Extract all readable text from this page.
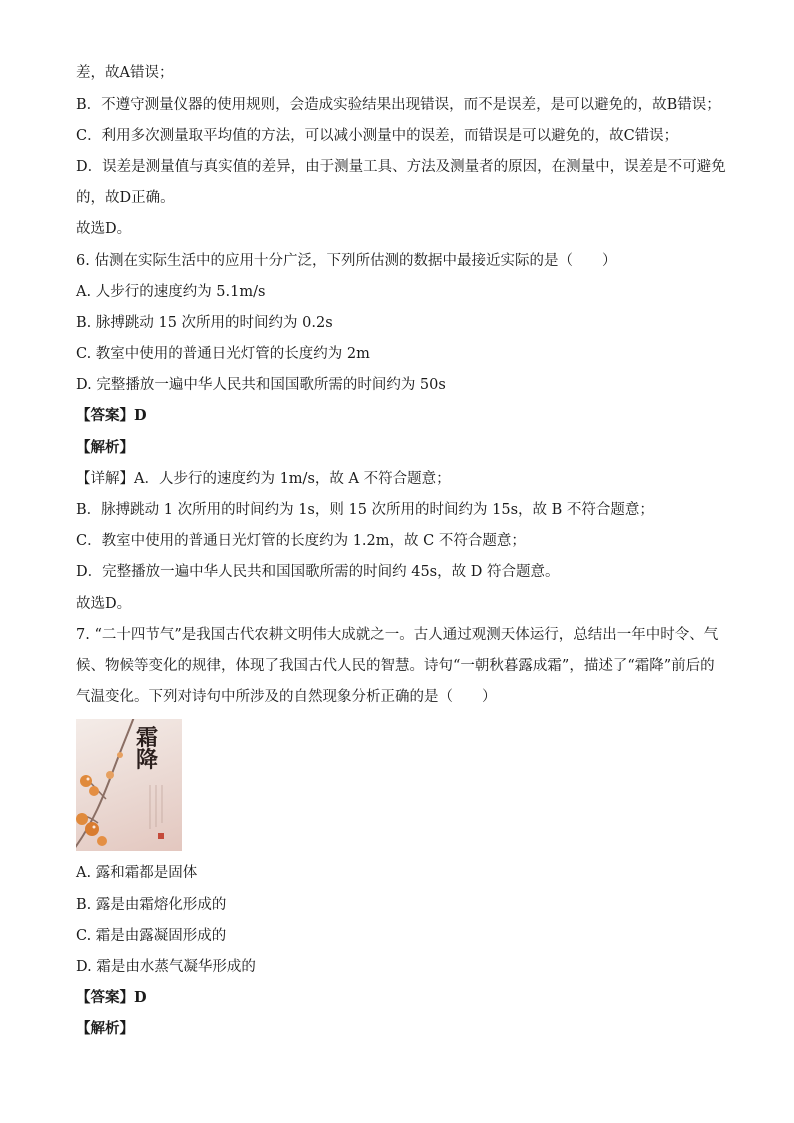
差，故A错误；
B．不遵守测量仪器的使用规则，会造成实验结果出现错误，而不是误差，是可以避免的，故B错误；
C．利用多次测量取平均值的方法，可以减小测量中的误差，而错误是可以避免的，故C错误；
D．误差是测量值与真实值的差异，由于测量工具、方法及测量者的原因，在测量中，误差是不可避免
的，故D正确。
故选D。
6. 估测在实际生活中的应用十分广泛，下列所估测的数据中最接近实际的是（　　）
A. 人步行的速度约为 5.1m/s
B. 脉搏跳动 15 次所用的时间约为 0.2s
C. 教室中使用的普通日光灯管的长度约为 2m
D. 完整播放一遍中华人民共和国国歌所需的时间约为 50s
【答案】D
【解析】
【详解】A．人步行的速度约为 1m/s，故 A 不符合题意；
B．脉搏跳动 1 次所用的时间约为 1s，则 15 次所用的时间约为 15s，故 B 不符合题意；
C．教室中使用的普通日光灯管的长度约为 1.2m，故 C 不符合题意；
D．完整播放一遍中华人民共和国国歌所需的时间约 45s，故 D 符合题意。
故选D。
7. “二十四节气”是我国古代农耕文明伟大成就之一。古人通过观测天体运行，总结出一年中时令、气
候、物候等变化的规律，体现了我国古代人民的智慧。诗句“一朝秋暮露成霜”，描述了“霜降”前后的
气温变化。下列对诗句中所涉及的自然现象分析正确的是（　　）
霜降
A. 露和霜都是固体
B. 露是由霜熔化形成的
C. 霜是由露凝固形成的
D. 霜是由水蒸气凝华形成的
【答案】D
【解析】
